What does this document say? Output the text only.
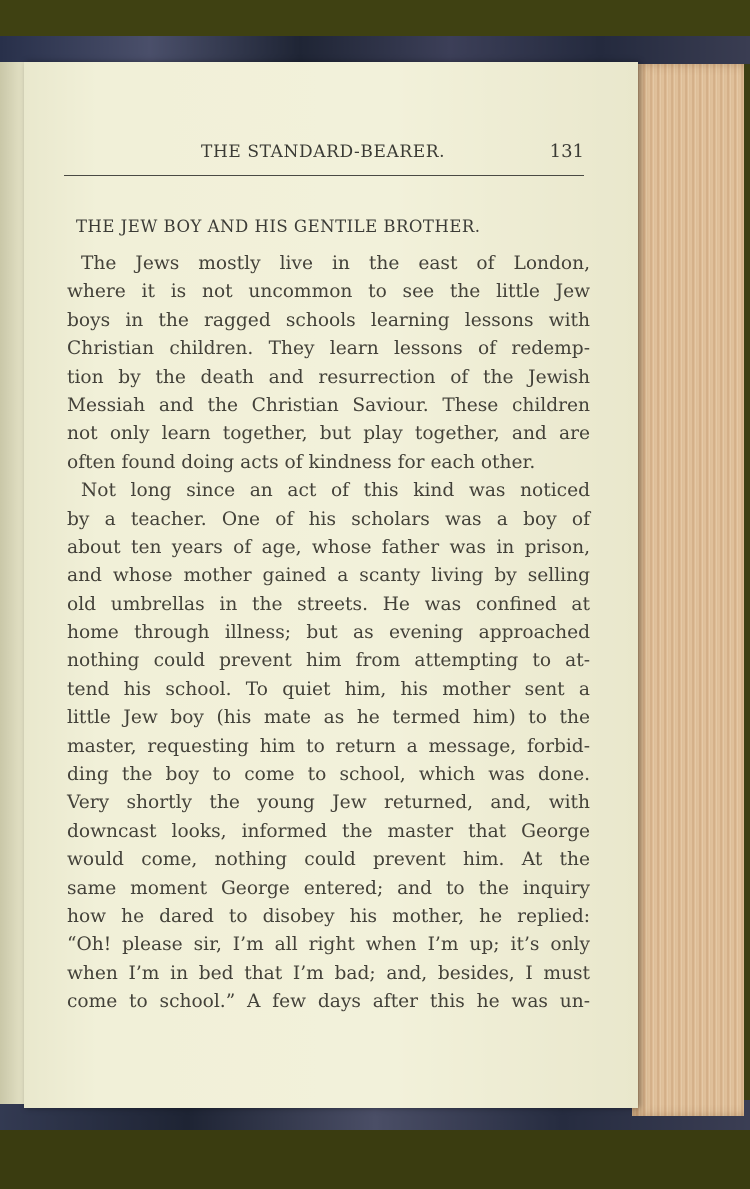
THE STANDARD-BEARER.	131
THE JEW BOY AND HIS GENTILE BROTHER.
The Jews mostly live in the east of London,
where it is not uncommon to see the little Jew
boys in the ragged schools learning lessons with
Christian children. They learn lessons of redemp-
tion by the death and resurrection of the Jewish
Messiah and the Christian Saviour. These children
not only learn together, but play together, and are
often found doing acts of kindness for each other.
Not long since an act of this kind was noticed
by a teacher. One of his scholars was a boy of
about ten years of age, whose father was in prison,
and whose mother gained a scanty living by selling
old umbrellas in the streets. He was confined at
home through illness; but as evening approached
nothing could prevent him from attempting to at-
tend his school. To quiet him, his mother sent a
little Jew boy (his mate as he termed him) to the
master, requesting him to return a message, forbid-
ding the boy to come to school, which was done.
Very shortly the young Jew returned, and, with
downcast looks, informed the master that George
would come, nothing could prevent him. At the
same moment George entered; and to the inquiry
how he dared to disobey his mother, he replied:
“Oh! please sir, I’m all right when I’m up; it’s only
when I’m in bed that I’m bad; and, besides, I must
come to school.” A few days after this he was un-
